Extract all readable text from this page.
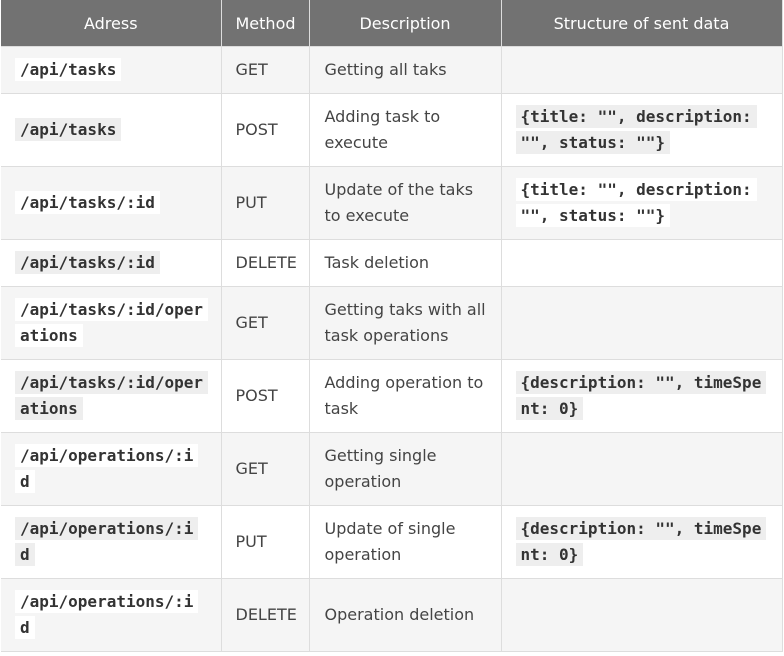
Adress	Method	Description	Structure of sent data
/api/tasks	GET	Getting all taks	
/api/tasks	POST	Adding task to execute	{title: "", description: "", status: ""}
/api/tasks/:id	PUT	Update of the taks to execute	{title: "", description: "", status: ""}
/api/tasks/:id	DELETE	Task deletion	
/api/tasks/:id/operations	GET	Getting taks with all task operations	
/api/tasks/:id/operations	POST	Adding operation to task	{description: "", timeSpent: 0}
/api/operations/:id	GET	Getting single operation	
/api/operations/:id	PUT	Update of single operation	{description: "", timeSpent: 0}
/api/operations/:id	DELETE	Operation deletion	
